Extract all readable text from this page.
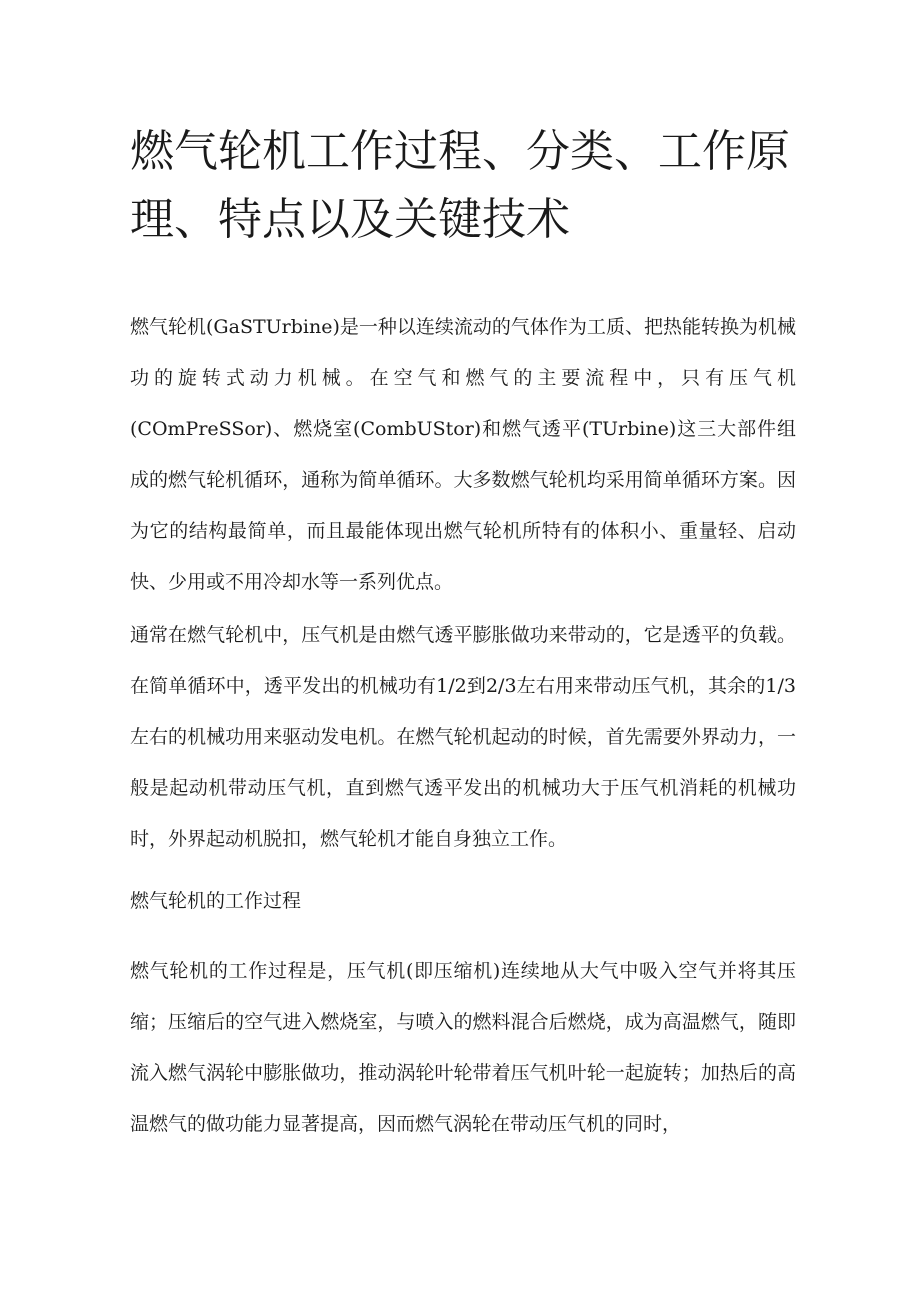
燃气轮机工作过程、分类、工作原理、特点以及关键技术

燃气轮机(GaSTUrbine)是一种以连续流动的气体作为工质、把热能转换为机械功的旋转式动力机械。在空气和燃气的主要流程中，只有压气机(COmPreSSor)、燃烧室(CombUStor)和燃气透平(TUrbine)这三大部件组成的燃气轮机循环，通称为简单循环。大多数燃气轮机均采用简单循环方案。因为它的结构最简单，而且最能体现出燃气轮机所特有的体积小、重量轻、启动快、少用或不用冷却水等一系列优点。

通常在燃气轮机中，压气机是由燃气透平膨胀做功来带动的，它是透平的负载。在简单循环中，透平发出的机械功有1/2到2/3左右用来带动压气机，其余的1/3左右的机械功用来驱动发电机。在燃气轮机起动的时候，首先需要外界动力，一般是起动机带动压气机，直到燃气透平发出的机械功大于压气机消耗的机械功时，外界起动机脱扣，燃气轮机才能自身独立工作。

燃气轮机的工作过程

燃气轮机的工作过程是，压气机(即压缩机)连续地从大气中吸入空气并将其压缩；压缩后的空气进入燃烧室，与喷入的燃料混合后燃烧，成为高温燃气，随即流入燃气涡轮中膨胀做功，推动涡轮叶轮带着压气机叶轮一起旋转；加热后的高温燃气的做功能力显著提高，因而燃气涡轮在带动压气机的同时，
